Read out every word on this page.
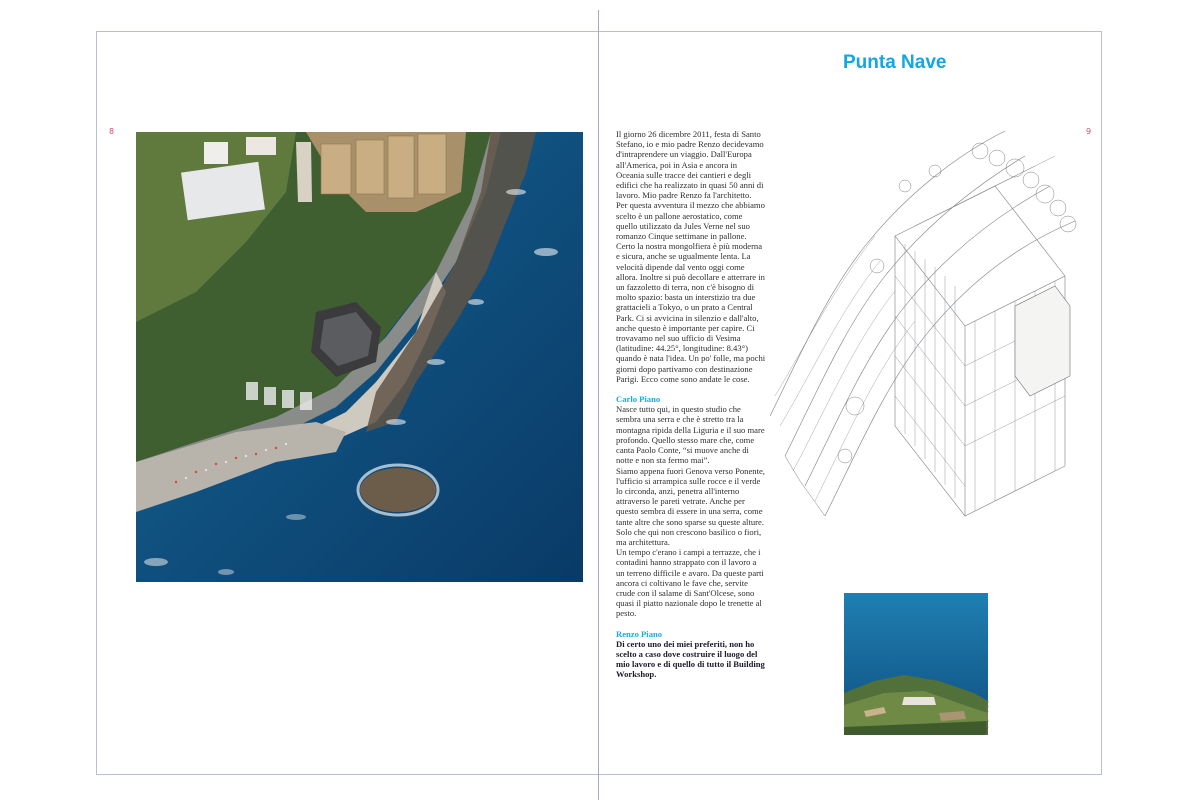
8	9
Punta Nave

Il giorno 26 dicembre 2011, festa di Santo Stefano, io e mio padre Renzo decidevamo d'intraprendere un viaggio. Dall'Europa all'America, poi in Asia e ancora in Oceania sulle tracce dei cantieri e degli edifici che ha realizzato in quasi 50 anni di lavoro. Mio padre Renzo fa l'architetto.

Per questa avventura il mezzo che abbiamo scelto è un pallone aerostatico, come quello utilizzato da Jules Verne nel suo romanzo Cinque settimane in pallone. Certo la nostra mongolfiera è più moderna e sicura, anche se ugualmente lenta. La velocità dipende dal vento oggi come allora. Inoltre si può decollare e atterrare in un fazzoletto di terra, non c'è bisogno di molto spazio: basta un interstizio tra due grattacieli a Tokyo, o un prato a Central Park. Ci si avvicina in silenzio e dall'alto, anche questo è importante per capire. Ci trovavamo nel suo ufficio di Vesima (latitudine: 44.25°, longitudine: 8.43°) quando è nata l'idea. Un po' folle, ma pochi giorni dopo partivamo con destinazione Parigi. Ecco come sono andate le cose.

Carlo Piano

Nasce tutto qui, in questo studio che sembra una serra e che è stretto tra la montagna ripida della Liguria e il suo mare profondo. Quello stesso mare che, come canta Paolo Conte, “si muove anche di notte e non sta fermo mai”.

Siamo appena fuori Genova verso Ponente, l'ufficio si arrampica sulle rocce e il verde lo circonda, anzi, penetra all'interno attraverso le pareti vetrate. Anche per questo sembra di essere in una serra, come tante altre che sono sparse su queste alture. Solo che qui non crescono basilico o fiori, ma architettura.

Un tempo c'erano i campi a terrazze, che i contadini hanno strappato con il lavoro a un terreno difficile e avaro. Da queste parti ancora ci coltivano le fave che, servite crude con il salame di Sant'Olcese, sono quasi il piatto nazionale dopo le trenette al pesto.

Renzo Piano

Di certo uno dei miei preferiti, non ho scelto a caso dove costruire il luogo del mio lavoro e di quello di tutto il Building Workshop.

© Stefano Goldberg
